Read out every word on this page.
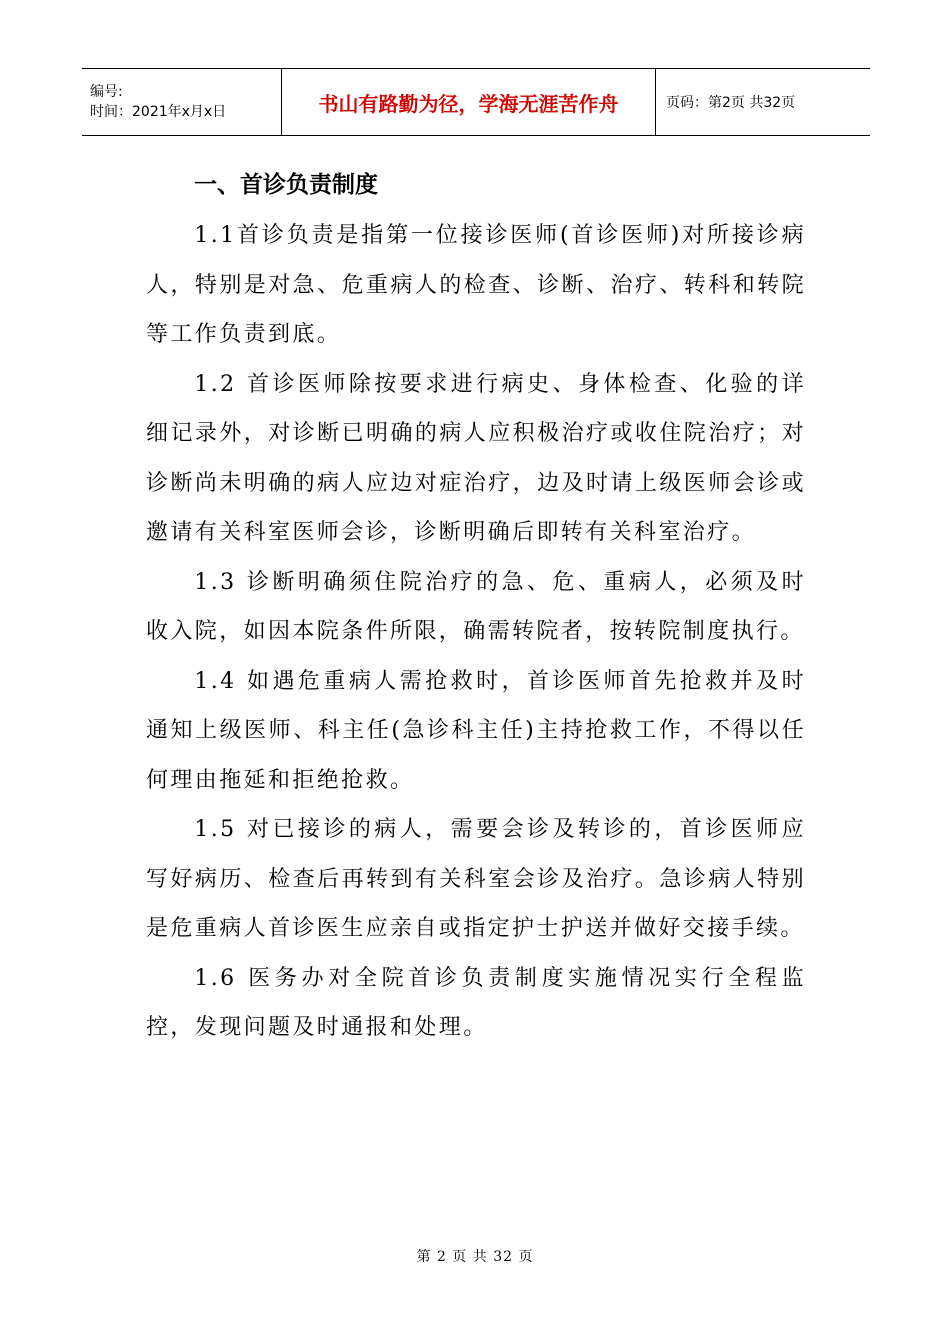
编号:
时间：2021年x月x日	书山有路勤为径，学海无涯苦作舟	页码：第2页 共32页
一、首诊负责制度

1.1首诊负责是指第一位接诊医师(首诊医师)对所接诊病人，特别是对急、危重病人的检查、诊断、治疗、转科和转院等工作负责到底。

1.2 首诊医师除按要求进行病史、身体检查、化验的详细记录外，对诊断已明确的病人应积极治疗或收住院治疗；对诊断尚未明确的病人应边对症治疗，边及时请上级医师会诊或邀请有关科室医师会诊，诊断明确后即转有关科室治疗。

1.3 诊断明确须住院治疗的急、危、重病人，必须及时收入院，如因本院条件所限，确需转院者，按转院制度执行。

1.4 如遇危重病人需抢救时，首诊医师首先抢救并及时通知上级医师、科主任(急诊科主任)主持抢救工作，不得以任何理由拖延和拒绝抢救。

1.5 对已接诊的病人，需要会诊及转诊的，首诊医师应写好病历、检查后再转到有关科室会诊及治疗。急诊病人特别是危重病人首诊医生应亲自或指定护士护送并做好交接手续。

1.6 医务办对全院首诊负责制度实施情况实行全程监控，发现问题及时通报和处理。

第 2 页 共 32 页
